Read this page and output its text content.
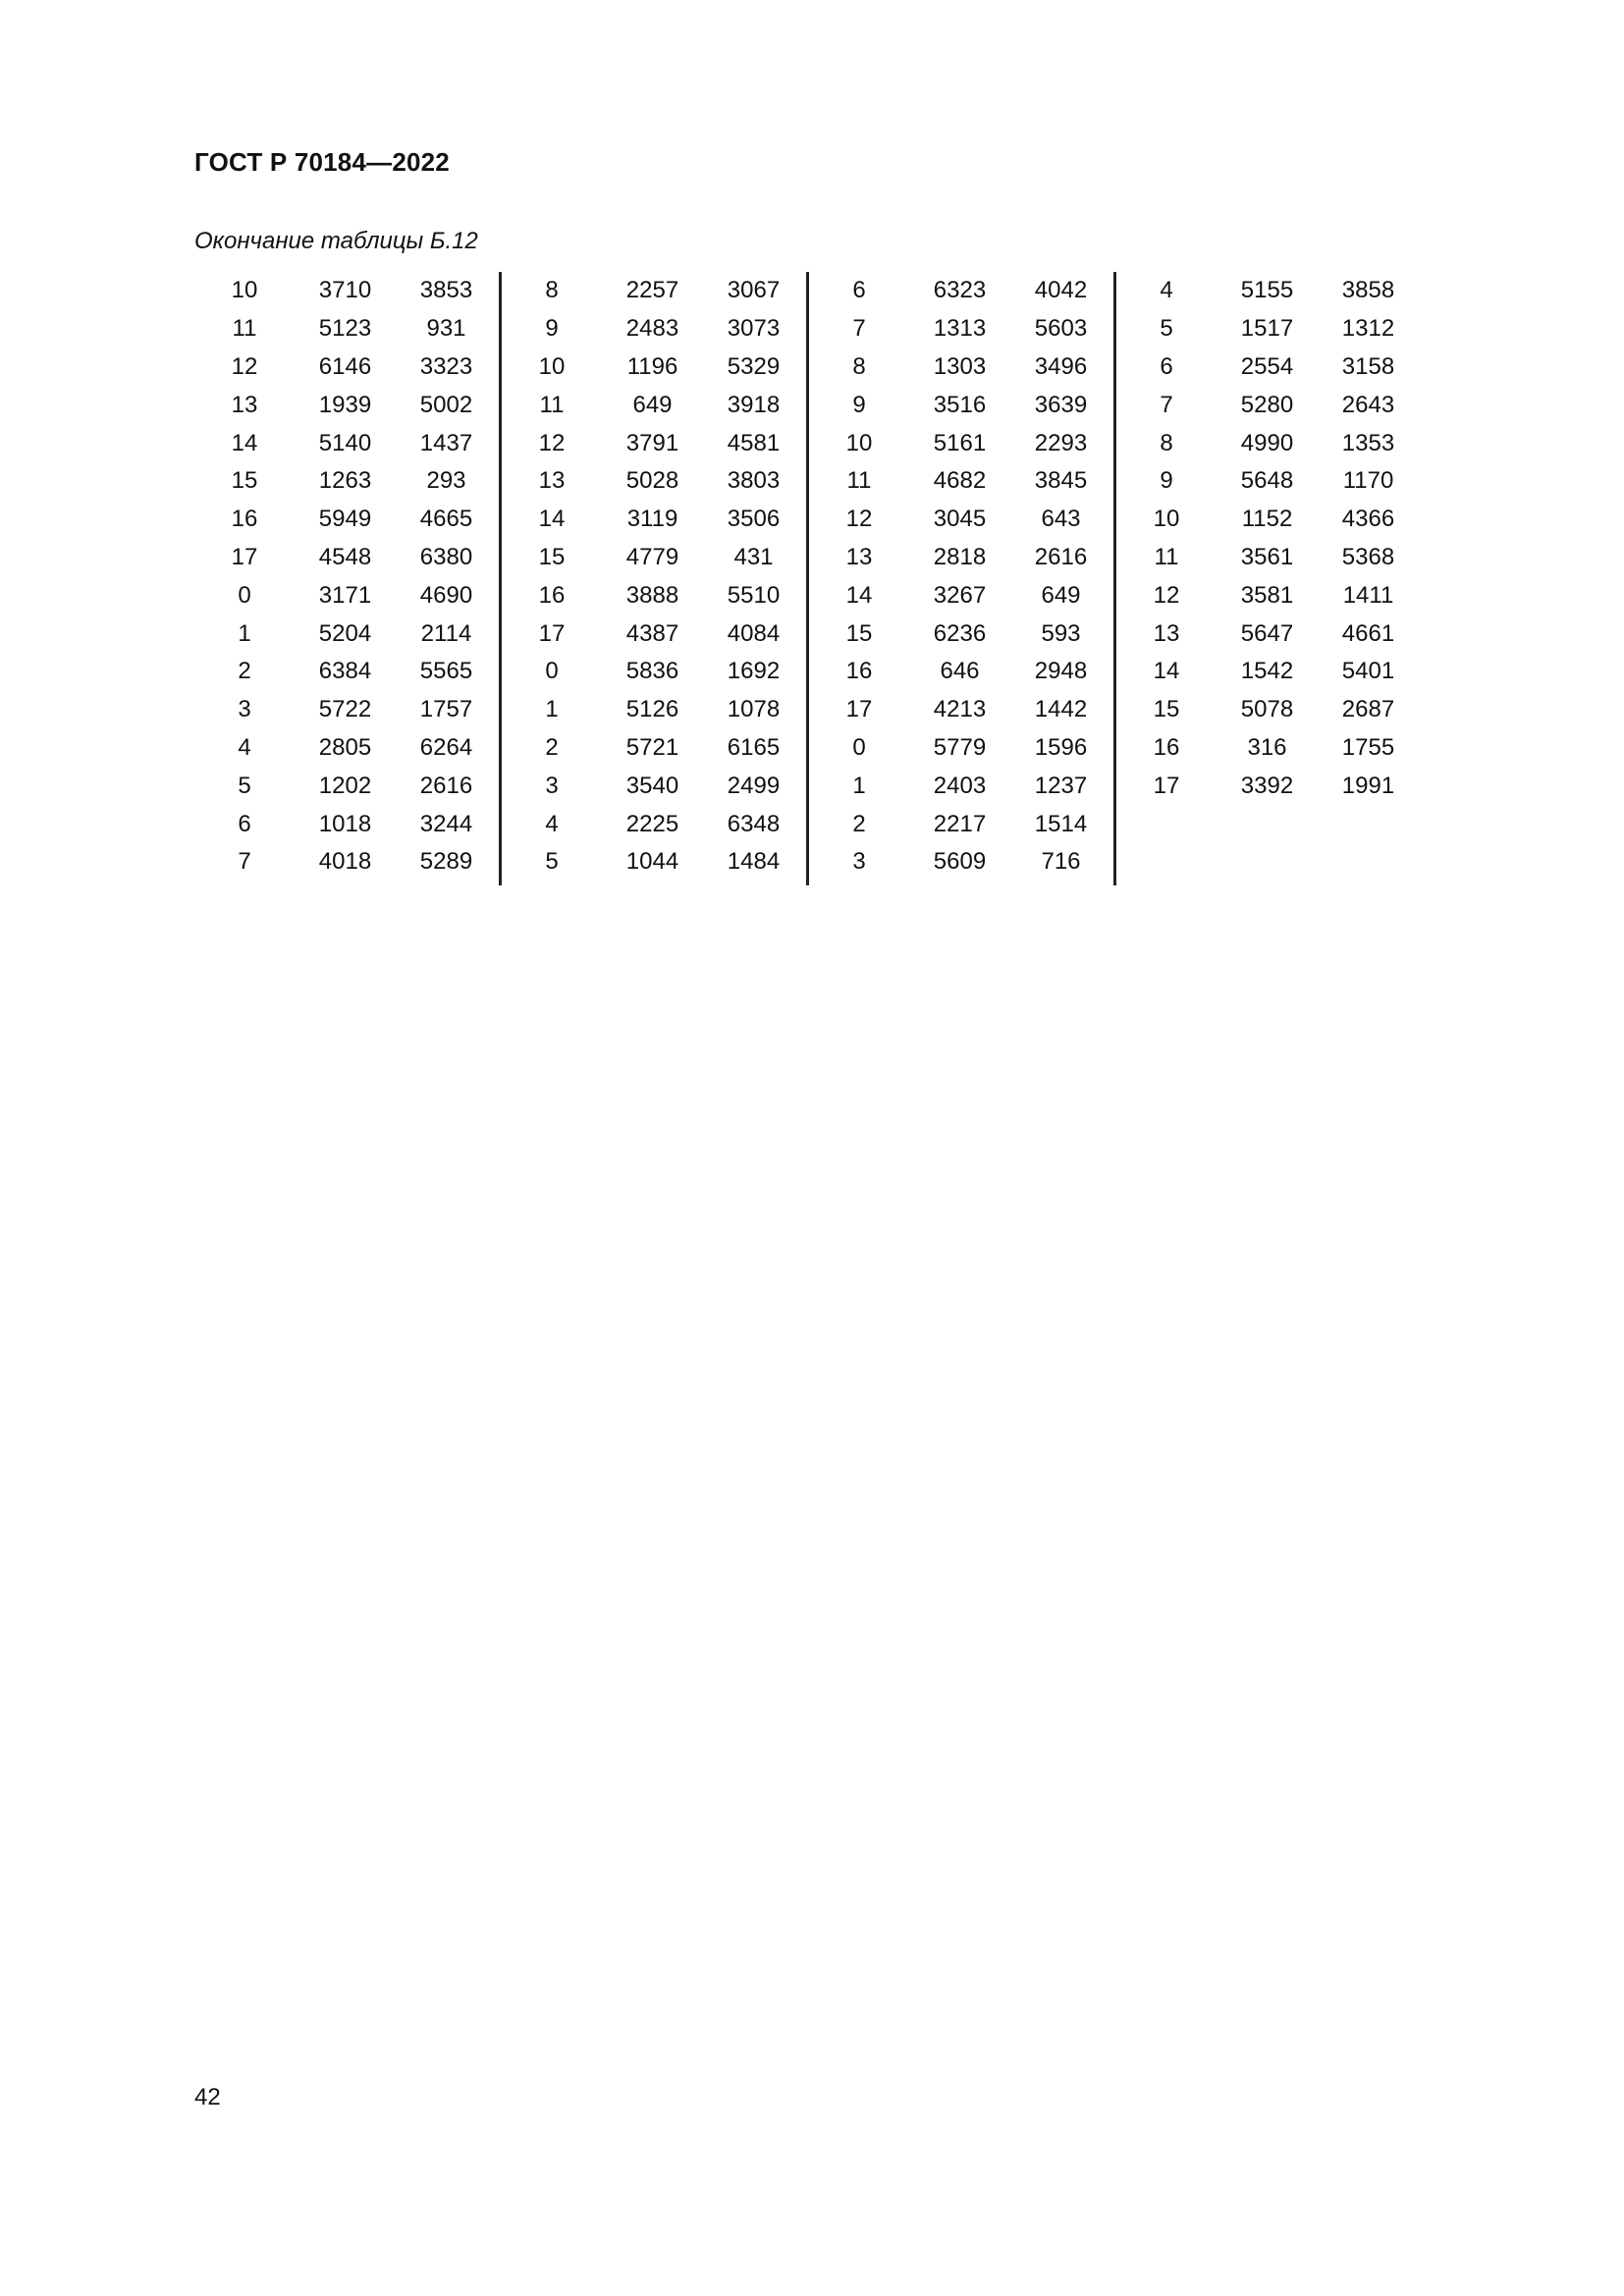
ГОСТ Р 70184—2022
Окончание таблицы Б.12
10	3710	3853
11	5123	931
12	6146	3323
13	1939	5002
14	5140	1437
15	1263	293
16	5949	4665
17	4548	6380
0	3171	4690
1	5204	2114
2	6384	5565
3	5722	1757
4	2805	6264
5	1202	2616
6	1018	3244
7	4018	5289
8	2257	3067
9	2483	3073
10	1196	5329
11	649	3918
12	3791	4581
13	5028	3803
14	3119	3506
15	4779	431
16	3888	5510
17	4387	4084
0	5836	1692
1	5126	1078
2	5721	6165
3	3540	2499
4	2225	6348
5	1044	1484
6	6323	4042
7	1313	5603
8	1303	3496
9	3516	3639
10	5161	2293
11	4682	3845
12	3045	643
13	2818	2616
14	3267	649
15	6236	593
16	646	2948
17	4213	1442
0	5779	1596
1	2403	1237
2	2217	1514
3	5609	716
4	5155	3858
5	1517	1312
6	2554	3158
7	5280	2643
8	4990	1353
9	5648	1170
10	1152	4366
11	3561	5368
12	3581	1411
13	5647	4661
14	1542	5401
15	5078	2687
16	316	1755
17	3392	1991
42
